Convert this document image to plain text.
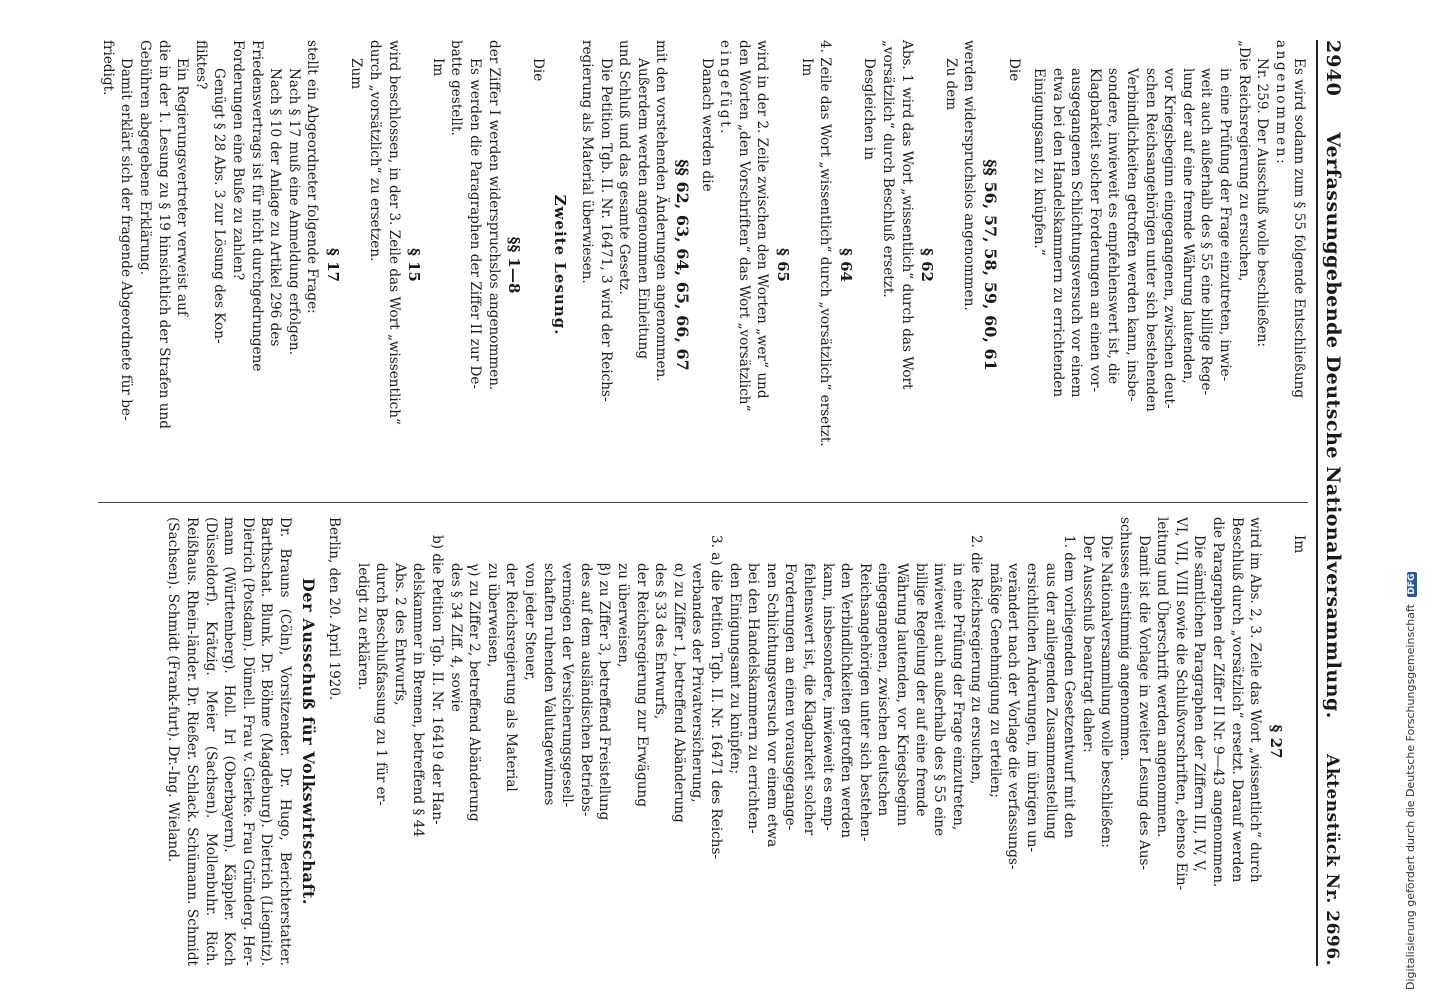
2940
Verfassunggebende Deutsche Nationalversammlung.
Aktenstück Nr. 2696.

Es wird sodann zum § 55 folgende Entschließung

angenommen:

Nr. 259. Der Ausschuß wolle beschließen:

„Die Reichsregierung zu ersuchen,

in eine Prüfung der Frage einzutreten, inwie-

weit auch außerhalb des § 55 eine billige Rege-

lung der auf eine fremde Währung lautenden,

vor Kriegsbeginn eingegangenen, zwischen deut-

schen Reichsangehörigen unter sich bestehenden

Verbindlichkeiten getroffen werden kann, insbe-

sondere, inwieweit es empfehlenswert ist, die

Klagbarkeit solcher Forderungen an einen vor-

ausgegangenen Schlichtungsversuch vor einem

etwa bei den Handelskammern zu errichtenden

Einigungsamt zu knüpfen.“

Die

§§ 56, 57, 58, 59, 60, 61

werden widerspruchslos angenommen.

Zu dem

§ 62

Abs. 1 wird das Wort „wissentlich“ durch das Wort

„vorsätzlich“ durch Beschluß ersetzt.

Desgleichen in

§ 64

4. Zeile das Wort „wissentlich“ durch „vorsätzlich“ ersetzt.

Im

§ 65

wird in der 2. Zeile zwischen den Worten „wer“ und

den Worten „den Vorschriften“ das Wort „vorsätzlich“

eingefügt.

Danach werden die

§§ 62, 63, 64, 65, 66, 67

mit den vorstehenden Änderungen angenommen.

Außerdem werden angenommen Einleitung

und Schluß und das gesamte Gesetz.

Die Petition Tgb. II. Nr. 16471, 3 wird der Reichs-

regierung als Material überwiesen.

Zweite Lesung.

Die

§§ 1—8

der Ziffer I werden widerspruchslos angenommen.

Es werden die Paragraphen der Ziffer II zur De-

batte gestellt.

Im

§ 15

wird beschlossen, in der 3. Zeile das Wort „wissentlich“

durch „vorsätzlich“ zu ersetzen.

Zum

§ 17

stellt ein Abgeordneter folgende Frage:

Nach § 17 muß eine Anmeldung erfolgen.

Nach § 10 der Anlage zu Artikel 296 des

Friedensvertrags ist für nicht durchgedrungene

Forderungen eine Buße zu zahlen?

Genügt § 28 Abs. 3 zur Lösung des Kon-

fliktes?

Ein Regierungsvertreter verweist auf

die in der 1. Lesung zu § 19 hinsichtlich der Strafen und

Gebühren abgegebene Erklärung.

Damit erklärt sich der fragende Abgeordnete für be-

friedigt.

Im

§ 27

wird im Abs. 2, 3. Zeile das Wort „wissentlich“ durch

Beschluß durch „vorsätzlich“ ersetzt. Darauf werden

die Paragraphen der Ziffer II Nr. 9—43 angenommen.

Die sämtlichen Paragraphen der Ziffern III, IV, V,

VI, VII, VIII sowie die Schlußvorschriften, ebenso Ein-

leitung und Überschrift werden angenommen.

Damit ist die Vorlage in zweiter Lesung des Aus-

schusses einstimmig angenommen.

Die Nationalversammlung wolle beschließen:

Der Ausschuß beantragt daher:

1. dem vorliegenden Gesetzentwurf mit den

aus der anliegenden Zusammenstellung

ersichtlichen Änderungen, im übrigen un-

verändert nach der Vorlage die verfassungs-

mäßige Genehmigung zu erteilen;

2. die Reichsregierung zu ersuchen,

in eine Prüfung der Frage einzutreten,

inwieweit auch außerhalb des § 55 eine

billige Regelung der auf eine fremde

Währung lautenden, vor Kriegsbeginn

eingegangenen, zwischen deutschen

Reichsangehörigen unter sich bestehen-

den Verbindlichkeiten getroffen werden

kann, insbesondere, inwieweit es emp-

fehlenswert ist, die Klagbarkeit solcher

Forderungen an einen vorausgegange-

nen Schlichtungsversuch vor einem etwa

bei den Handelskammern zu errichten-

den Einigungsamt zu knüpfen;

3. a) die Petition Tgb. II. Nr. 16471 des Reichs-

verbandes der Privatversicherung,

α) zu Ziffer 1, betreffend Abänderung

des § 33 des Entwurfs,

der Reichsregierung zur Erwägung

zu überweisen,

β) zu Ziffer 3, betreffend Freistellung

des auf dem ausländischen Betriebs-

vermögen der Versicherungsgesell-

schaften ruhenden Valutagewinnes

von jeder Steuer,

der Reichsregierung als Material

zu überweisen,

γ) zu Ziffer 2, betreffend Abänderung

des § 34 Ziff. 4, sowie

b) die Petition Tgb. II. Nr. 16419 der Han-

delskammer in Bremen, betreffend § 44

Abs. 2 des Entwurfs,

durch Beschlußfassung zu 1 für er-

ledigt zu erklären.

Berlin, den 20. April 1920.

Der Ausschuß für Volkswirtschaft.

Dr. Brauns (Cöln), Vorsitzender. Dr. Hugo, Berichterstatter. Barthschat. Blunk. Dr. Böhme (Magdeburg). Dietrich (Liegnitz). Dietrich (Potsdam). Dümell. Frau v. Gierke. Frau Gründerg. Her-mann (Württemberg). Holl. Irl (Oberbayern). Käppler. Koch (Düsseldorf). Krätzig. Meier (Sachsen). Mollenbuhr. Rich. Reißhaus. Rhein-länder. Dr. Rießer. Schlack. Schümann. Schmidt (Sachsen). Schmidt (Frank-furt). Dr.-Ing. Wieland.	Digitalisierung gefördert durch die Deutsche Forschungsgemeinschaft DFG
